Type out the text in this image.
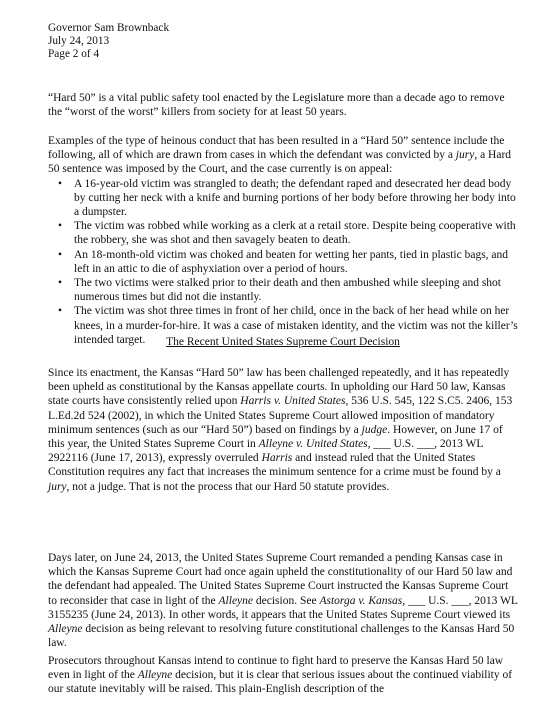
Governor Sam Brownback
July 24, 2013
Page 2 of 4

“Hard 50” is a vital public safety tool enacted by the Legislature more than a decade ago to remove the “worst of the worst” killers from society for at least 50 years.

Examples of the type of heinous conduct that has been resulted in a “Hard 50” sentence include the following, all of which are drawn from cases in which the defendant was convicted by a jury, a Hard 50 sentence was imposed by the Court, and the case currently is on appeal:

• A 16-year-old victim was strangled to death; the defendant raped and desecrated her dead body by cutting her neck with a knife and burning portions of her body before throwing her body into a dumpster.
• The victim was robbed while working as a clerk at a retail store. Despite being cooperative with the robbery, she was shot and then savagely beaten to death.
• An 18-month-old victim was choked and beaten for wetting her pants, tied in plastic bags, and left in an attic to die of asphyxiation over a period of hours.
• The two victims were stalked prior to their death and then ambushed while sleeping and shot numerous times but did not die instantly.
• The victim was shot three times in front of her child, once in the back of her head while on her knees, in a murder-for-hire. It was a case of mistaken identity, and the victim was not the killer’s intended target.	The Recent United States Supreme Court Decision

Since its enactment, the Kansas “Hard 50” law has been challenged repeatedly, and it has repeatedly been upheld as constitutional by the Kansas appellate courts. In upholding our Hard 50 law, Kansas state courts have consistently relied upon Harris v. United States, 536 U.S. 545, 122 S.C5. 2406, 153 L.Ed.2d 524 (2002), in which the United States Supreme Court allowed imposition of mandatory minimum sentences (such as our “Hard 50”) based on findings by a judge. However, on June 17 of this year, the United States Supreme Court in Alleyne v. United States, ___ U.S. ___, 2013 WL 2922116 (June 17, 2013), expressly overruled Harris and instead ruled that the United States Constitution requires any fact that increases the minimum sentence for a crime must be found by a jury, not a judge. That is not the process that our Hard 50 statute provides.

Days later, on June 24, 2013, the United States Supreme Court remanded a pending Kansas case in which the Kansas Supreme Court had once again upheld the constitutionality of our Hard 50 law and the defendant had appealed. The United States Supreme Court instructed the Kansas Supreme Court to reconsider that case in light of the Alleyne decision. See Astorga v. Kansas, ___ U.S. ___, 2013 WL 3155235 (June 24, 2013). In other words, it appears that the United States Supreme Court viewed its Alleyne decision as being relevant to resolving future constitutional challenges to the Kansas Hard 50 law.

Prosecutors throughout Kansas intend to continue to fight hard to preserve the Kansas Hard 50 law even in light of the Alleyne decision, but it is clear that serious issues about the continued viability of our statute inevitably will be raised. This plain-English description of the
